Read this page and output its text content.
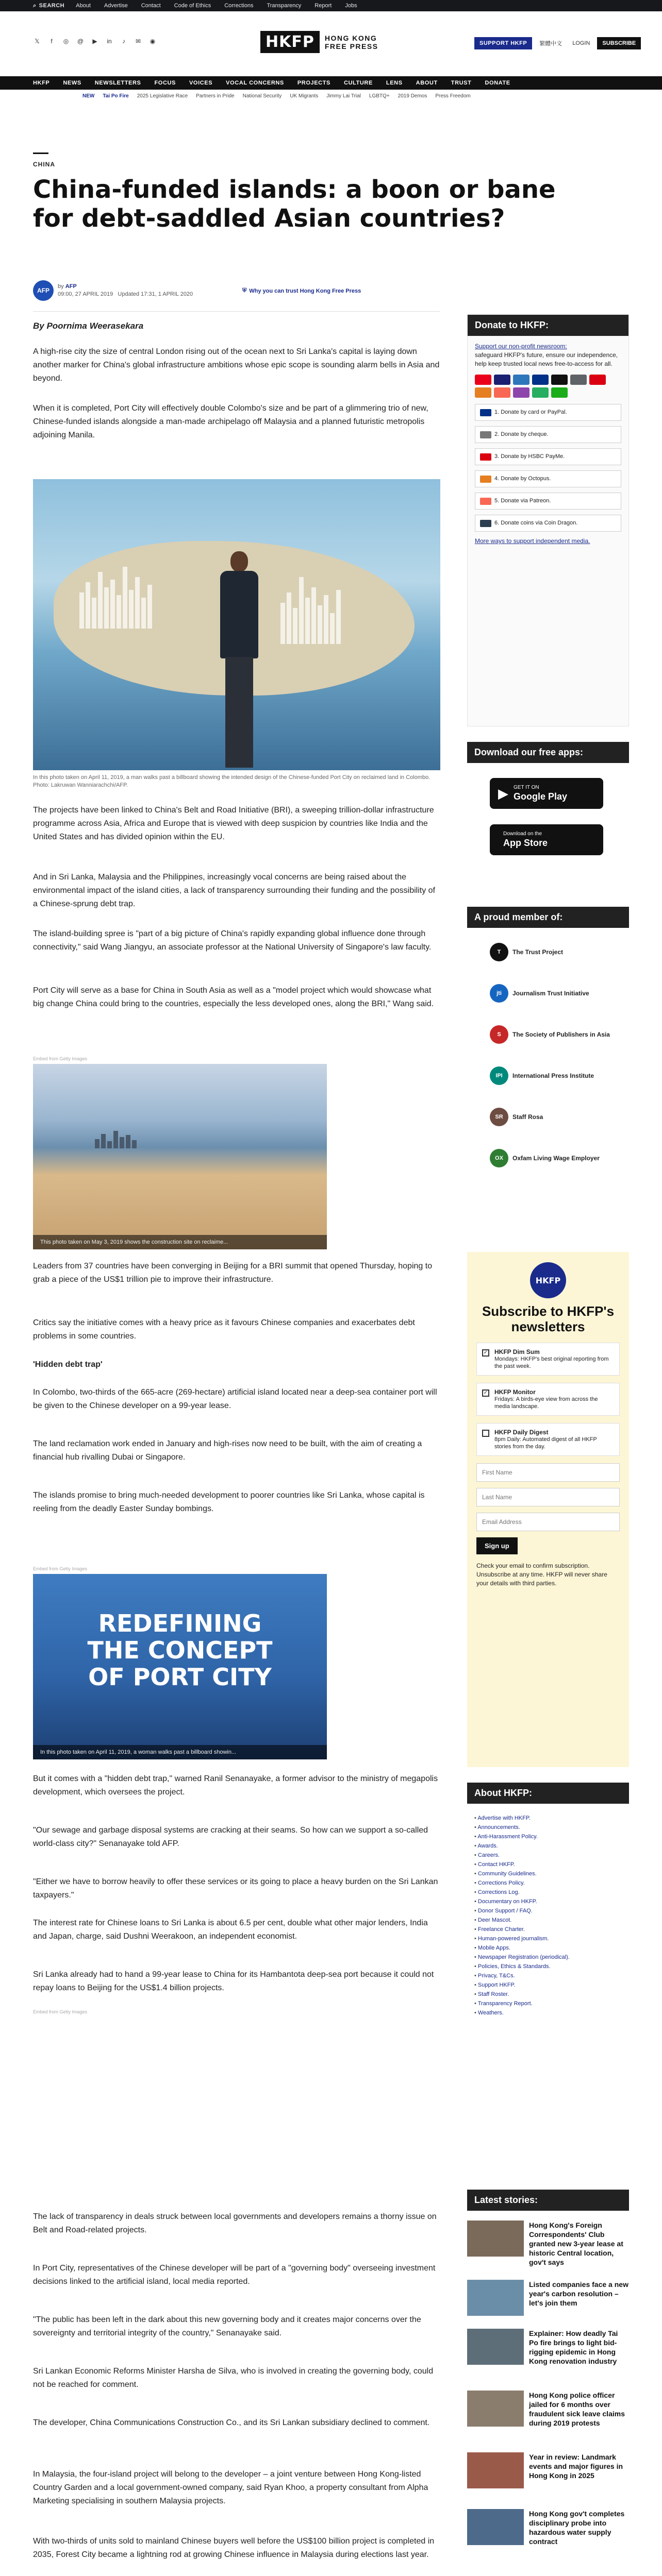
⌕ SEARCH About Advertise Contact Code of Ethics Corrections Transparency Report Jobs
𝕏	f	◎ @ ▶ in	♪	✉ ◉	HKFP	HONG KONG
FREE PRESS	SUPPORT HKFP	繁體中文	LOGIN	SUBSCRIBE
HKFP NEWS NEWSLETTERS FOCUS VOICES VOCAL CONCERNS PROJECTS CULTURE LENS ABOUT TRUST DONATE
NEW Tai Po Fire 2025 Legislative Race Partners in Pride National Security UK Migrants Jimmy Lai Trial LGBTQ+ 2019 Demos Press Freedom
CHINA
China-funded islands: a boon or bane for debt-saddled Asian countries?
AFP
by AFP
09:00, 27 APRIL 2019 Updated 17:31, 1 APRIL 2020
⛨ Why you can trust Hong Kong Free Press
By Poornima Weerasekara

A high-rise city the size of central London rising out of the ocean next to Sri Lanka's capital is laying down another marker for China's global infrastructure ambitions whose epic scope is sounding alarm bells in Asia and beyond.

When it is completed, Port City will effectively double Colombo's size and be part of a glimmering trio of new, Chinese-funded islands alongside a man-made archipelago off Malaysia and a planned futuristic metropolis adjoining Manila.

In this photo taken on April 11, 2019, a man walks past a billboard showing the intended design of the Chinese-funded Port City on reclaimed land in Colombo. Photo: Lakruwan Wanniarachchi/AFP.

The projects have been linked to China's Belt and Road Initiative (BRI), a sweeping trillion-dollar infrastructure programme across Asia, Africa and Europe that is viewed with deep suspicion by countries like India and the United States and has divided opinion within the EU.

And in Sri Lanka, Malaysia and the Philippines, increasingly vocal concerns are being raised about the environmental impact of the island cities, a lack of transparency surrounding their funding and the possibility of a Chinese-sprung debt trap.

The island-building spree is "part of a big picture of China's rapidly expanding global influence done through connectivity," said Wang Jiangyu, an associate professor at the National University of Singapore's law faculty.

Port City will serve as a base for China in South Asia as well as a "model project which would showcase what big change China could bring to the countries, especially the less developed ones, along the BRI," Wang said.

Embed from Getty Images
This photo taken on May 3, 2019 shows the construction site on reclaime...

Leaders from 37 countries have been converging in Beijing for a BRI summit that opened Thursday, hoping to grab a piece of the US$1 trillion pie to improve their infrastructure.

Critics say the initiative comes with a heavy price as it favours Chinese companies and exacerbates debt problems in some countries.

'Hidden debt trap'

In Colombo, two-thirds of the 665-acre (269-hectare) artificial island located near a deep-sea container port will be given to the Chinese developer on a 99-year lease.

The land reclamation work ended in January and high-rises now need to be built, with the aim of creating a financial hub rivalling Dubai or Singapore.

The islands promise to bring much-needed development to poorer countries like Sri Lanka, whose capital is reeling from the deadly Easter Sunday bombings.

Embed from Getty Images
REDEFINING THE CONCEPT OF PORT CITY
In this photo taken on April 11, 2019, a woman walks past a billboard showin...

But it comes with a "hidden debt trap," warned Ranil Senanayake, a former advisor to the ministry of megapolis development, which oversees the project.

"Our sewage and garbage disposal systems are cracking at their seams. So how can we support a so-called world-class city?" Senanayake told AFP.

"Either we have to borrow heavily to offer these services or its going to place a heavy burden on the Sri Lankan taxpayers."

The interest rate for Chinese loans to Sri Lanka is about 6.5 per cent, double what other major lenders, India and Japan, charge, said Dushni Weerakoon, an independent economist.

Sri Lanka already had to hand a 99-year lease to China for its Hambantota deep-sea port because it could not repay loans to Beijing for the US$1.4 billion projects.

Embed from Getty Images

The lack of transparency in deals struck between local governments and developers remains a thorny issue on Belt and Road-related projects.

In Port City, representatives of the Chinese developer will be part of a "governing body" overseeing investment decisions linked to the artificial island, local media reported.

"The public has been left in the dark about this new governing body and it creates major concerns over the sovereignty and territorial integrity of the country," Senanayake said.

Sri Lankan Economic Reforms Minister Harsha de Silva, who is involved in creating the governing body, could not be reached for comment.

The developer, China Communications Construction Co., and its Sri Lankan subsidiary declined to comment.

In Malaysia, the four-island project will belong to the developer – a joint venture between Hong Kong-listed Country Garden and a local government-owned company, said Ryan Khoo, a property consultant from Alpha Marketing specialising in southern Malaysia projects.

With two-thirds of units sold to mainland Chinese buyers well before the US$100 billion project is completed in 2035, Forest City became a lightning rod at growing Chinese influence in Malaysia during elections last year.

Donate to HKFP:
Support our non-profit newsroom:
safeguard HKFP's future, ensure our independence, help keep trusted local news free-to-access for all.
1. Donate by card or PayPal.
2. Donate by cheque.
3. Donate by HSBC PayMe.
4. Donate by Octopus.
5. Donate via Patreon.
6. Donate coins via Coin Dragon.
More ways to support independent media.
Download our free apps:
▶ GET IT ON
Google Play
Download on the
App Store
A proud member of:
T	The Trust Project
jti	Journalism Trust Initiative
S	The Society of Publishers in Asia
IPI	International Press Institute
SR	Staff Rosa
OX	Oxfam Living Wage Employer
HKFP
Subscribe to HKFP's newsletters
✓ HKFP Dim Sum
Mondays: HKFP's best original reporting from the past week.
✓ HKFP Monitor
Fridays: A birds-eye view from across the media landscape.
HKFP Daily Digest
8pm Daily: Automated digest of all HKFP stories from the day.
First Name Last Name Email Address Sign up
Check your email to confirm subscription. Unsubscribe at any time. HKFP will never share your details with third parties.
About HKFP:
• Advertise with HKFP.
• Announcements.
• Anti-Harassment Policy.
• Awards.
• Careers.
• Contact HKFP.
• Community Guidelines.
• Corrections Policy.
• Corrections Log.
• Documentary on HKFP.
• Donor Support / FAQ.
• Deer Mascot.
• Freelance Charter.
• Human-powered journalism.
• Mobile Apps.
• Newspaper Registration (periodical).
• Policies, Ethics & Standards.
• Privacy, T&Cs.
• Support HKFP.
• Staff Roster.
• Transparency Report.
• Weathers.
Latest stories:
Hong Kong's Foreign Correspondents' Club granted new 3-year lease at historic Central location, gov't says
Listed companies face a new year's carbon resolution – let's join them
Explainer: How deadly Tai Po fire brings to light bid-rigging epidemic in Hong Kong renovation industry
Hong Kong police officer jailed for 6 months over fraudulent sick leave claims during 2019 protests
Year in review: Landmark events and major figures in Hong Kong in 2025
Hong Kong gov't completes disciplinary probe into hazardous water supply contract
